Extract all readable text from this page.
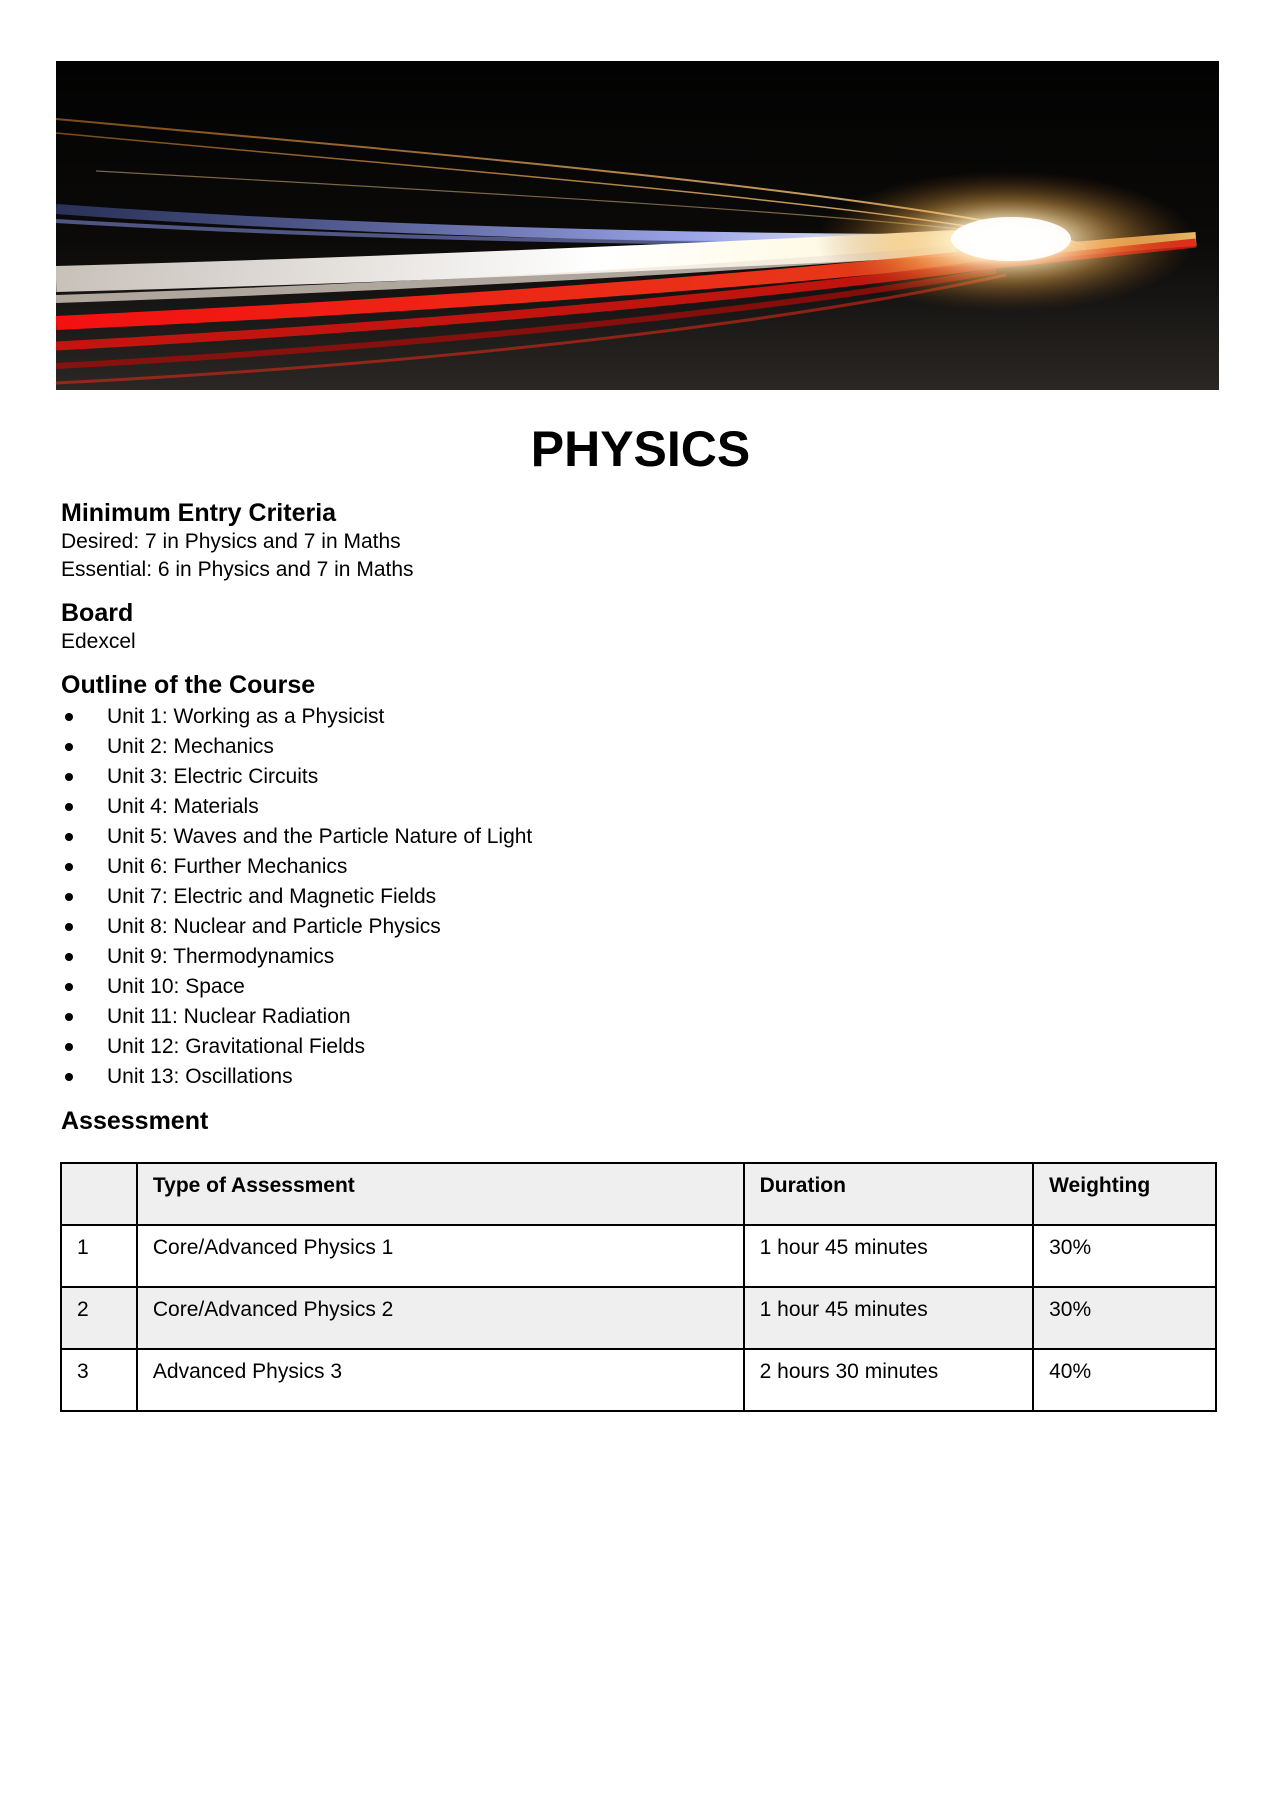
PHYSICS

Minimum Entry Criteria

Desired: 7 in Physics and 7 in Maths

Essential: 6 in Physics and 7 in Maths

Board

Edexcel

Outline of the Course

Unit 1: Working as a Physicist
Unit 2: Mechanics
Unit 3: Electric Circuits
Unit 4: Materials
Unit 5: Waves and the Particle Nature of Light
Unit 6: Further Mechanics
Unit 7: Electric and Magnetic Fields
Unit 8: Nuclear and Particle Physics
Unit 9: Thermodynamics
Unit 10: Space
Unit 11: Nuclear Radiation
Unit 12: Gravitational Fields
Unit 13: Oscillations

Assessment

	Type of Assessment	Duration	Weighting
1	Core/Advanced Physics 1	1 hour 45 minutes	30%
2	Core/Advanced Physics 2	1 hour 45 minutes	30%
3	Advanced Physics 3	2 hours 30 minutes	40%
